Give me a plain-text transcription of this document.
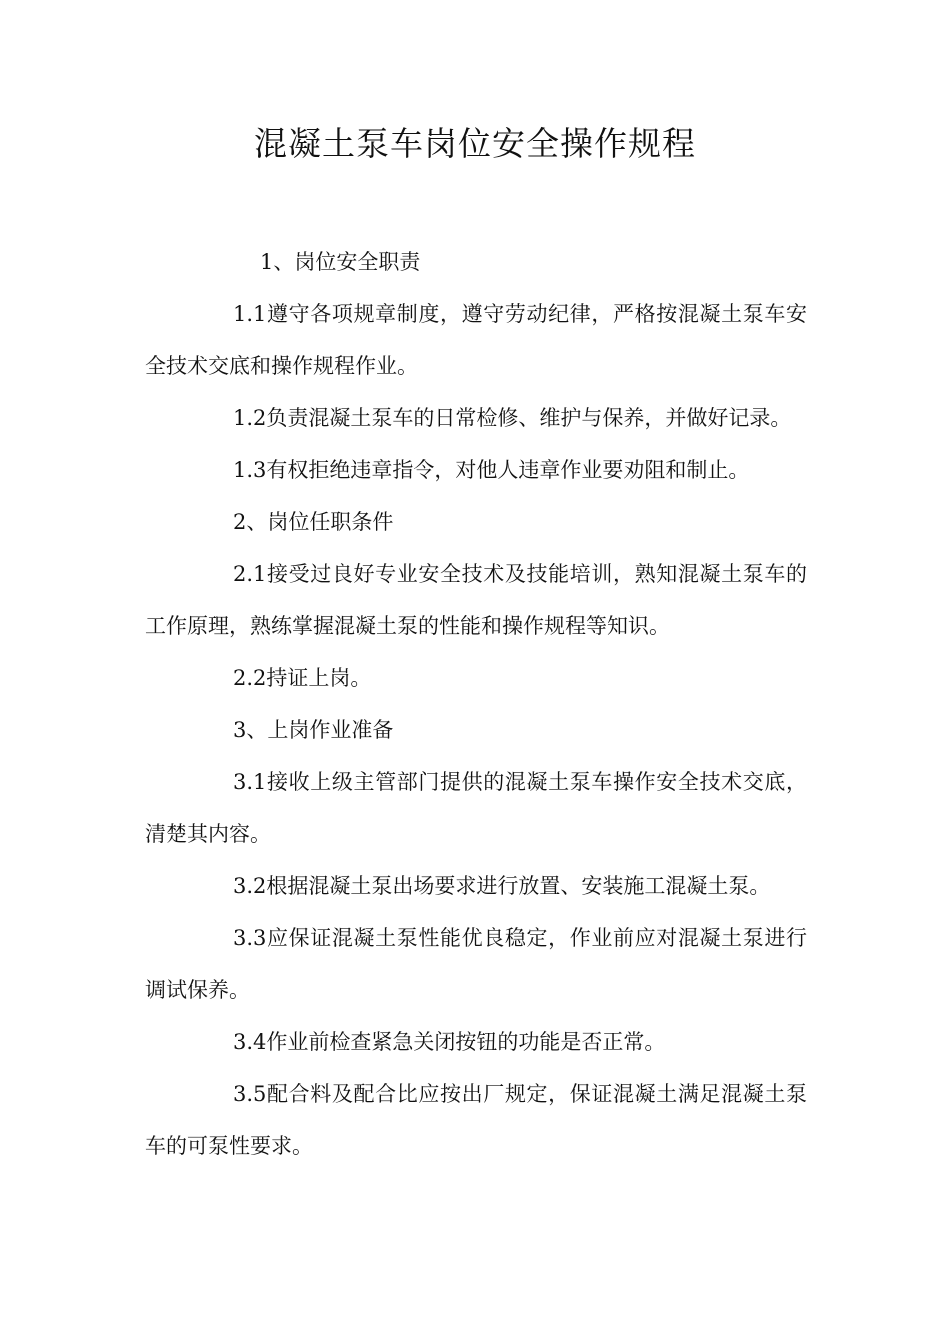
混凝土泵车岗位安全操作规程

1、岗位安全职责

1.1遵守各项规章制度，遵守劳动纪律，严格按混凝土泵车安全技术交底和操作规程作业。

1.2负责混凝土泵车的日常检修、维护与保养，并做好记录。

1.3有权拒绝违章指令，对他人违章作业要劝阻和制止。

2、岗位任职条件

2.1接受过良好专业安全技术及技能培训，熟知混凝土泵车的工作原理，熟练掌握混凝土泵的性能和操作规程等知识。

2.2持证上岗。

3、上岗作业准备

3.1接收上级主管部门提供的混凝土泵车操作安全技术交底，清楚其内容。

3.2根据混凝土泵出场要求进行放置、安装施工混凝土泵。

3.3应保证混凝土泵性能优良稳定，作业前应对混凝土泵进行调试保养。

3.4作业前检查紧急关闭按钮的功能是否正常。

3.5配合料及配合比应按出厂规定，保证混凝土满足混凝土泵车的可泵性要求。
